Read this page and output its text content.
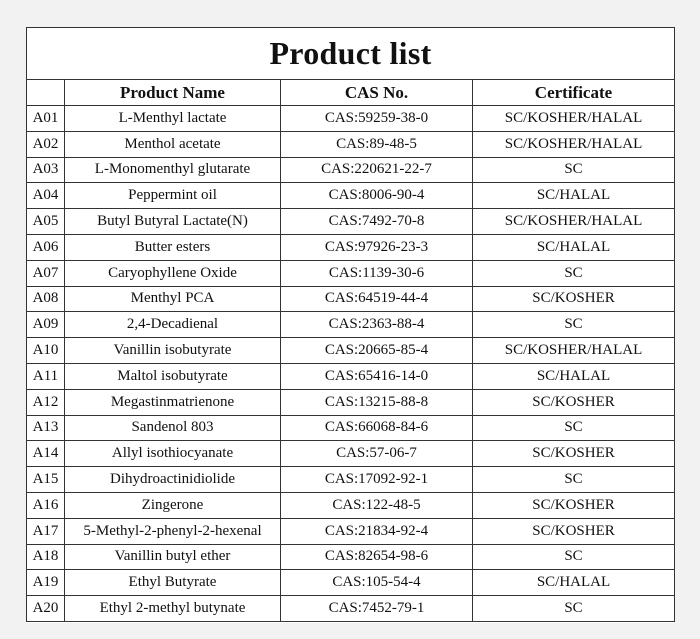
Product list			
	Product Name	CAS No.	Certificate
A01	L-Menthyl lactate	CAS:59259-38-0	SC/KOSHER/HALAL
A02	Menthol acetate	CAS:89-48-5	SC/KOSHER/HALAL
A03	L-Monomenthyl glutarate	CAS:220621-22-7	SC
A04	Peppermint oil	CAS:8006-90-4	SC/HALAL
A05	Butyl Butyral Lactate(N)	CAS:7492-70-8	SC/KOSHER/HALAL
A06	Butter esters	CAS:97926-23-3	SC/HALAL
A07	Caryophyllene Oxide	CAS:1139-30-6	SC
A08	Menthyl PCA	CAS:64519-44-4	SC/KOSHER
A09	2,4-Decadienal	CAS:2363-88-4	SC
A10	Vanillin isobutyrate	CAS:20665-85-4	SC/KOSHER/HALAL
A11	Maltol isobutyrate	CAS:65416-14-0	SC/HALAL
A12	Megastinmatrienone	CAS:13215-88-8	SC/KOSHER
A13	Sandenol 803	CAS:66068-84-6	SC
A14	Allyl isothiocyanate	CAS:57-06-7	SC/KOSHER
A15	Dihydroactinidiolide	CAS:17092-92-1	SC
A16	Zingerone	CAS:122-48-5	SC/KOSHER
A17	5-Methyl-2-phenyl-2-hexenal	CAS:21834-92-4	SC/KOSHER
A18	Vanillin butyl ether	CAS:82654-98-6	SC
A19	Ethyl Butyrate	CAS:105-54-4	SC/HALAL
A20	Ethyl 2-methyl butynate	CAS:7452-79-1	SC
